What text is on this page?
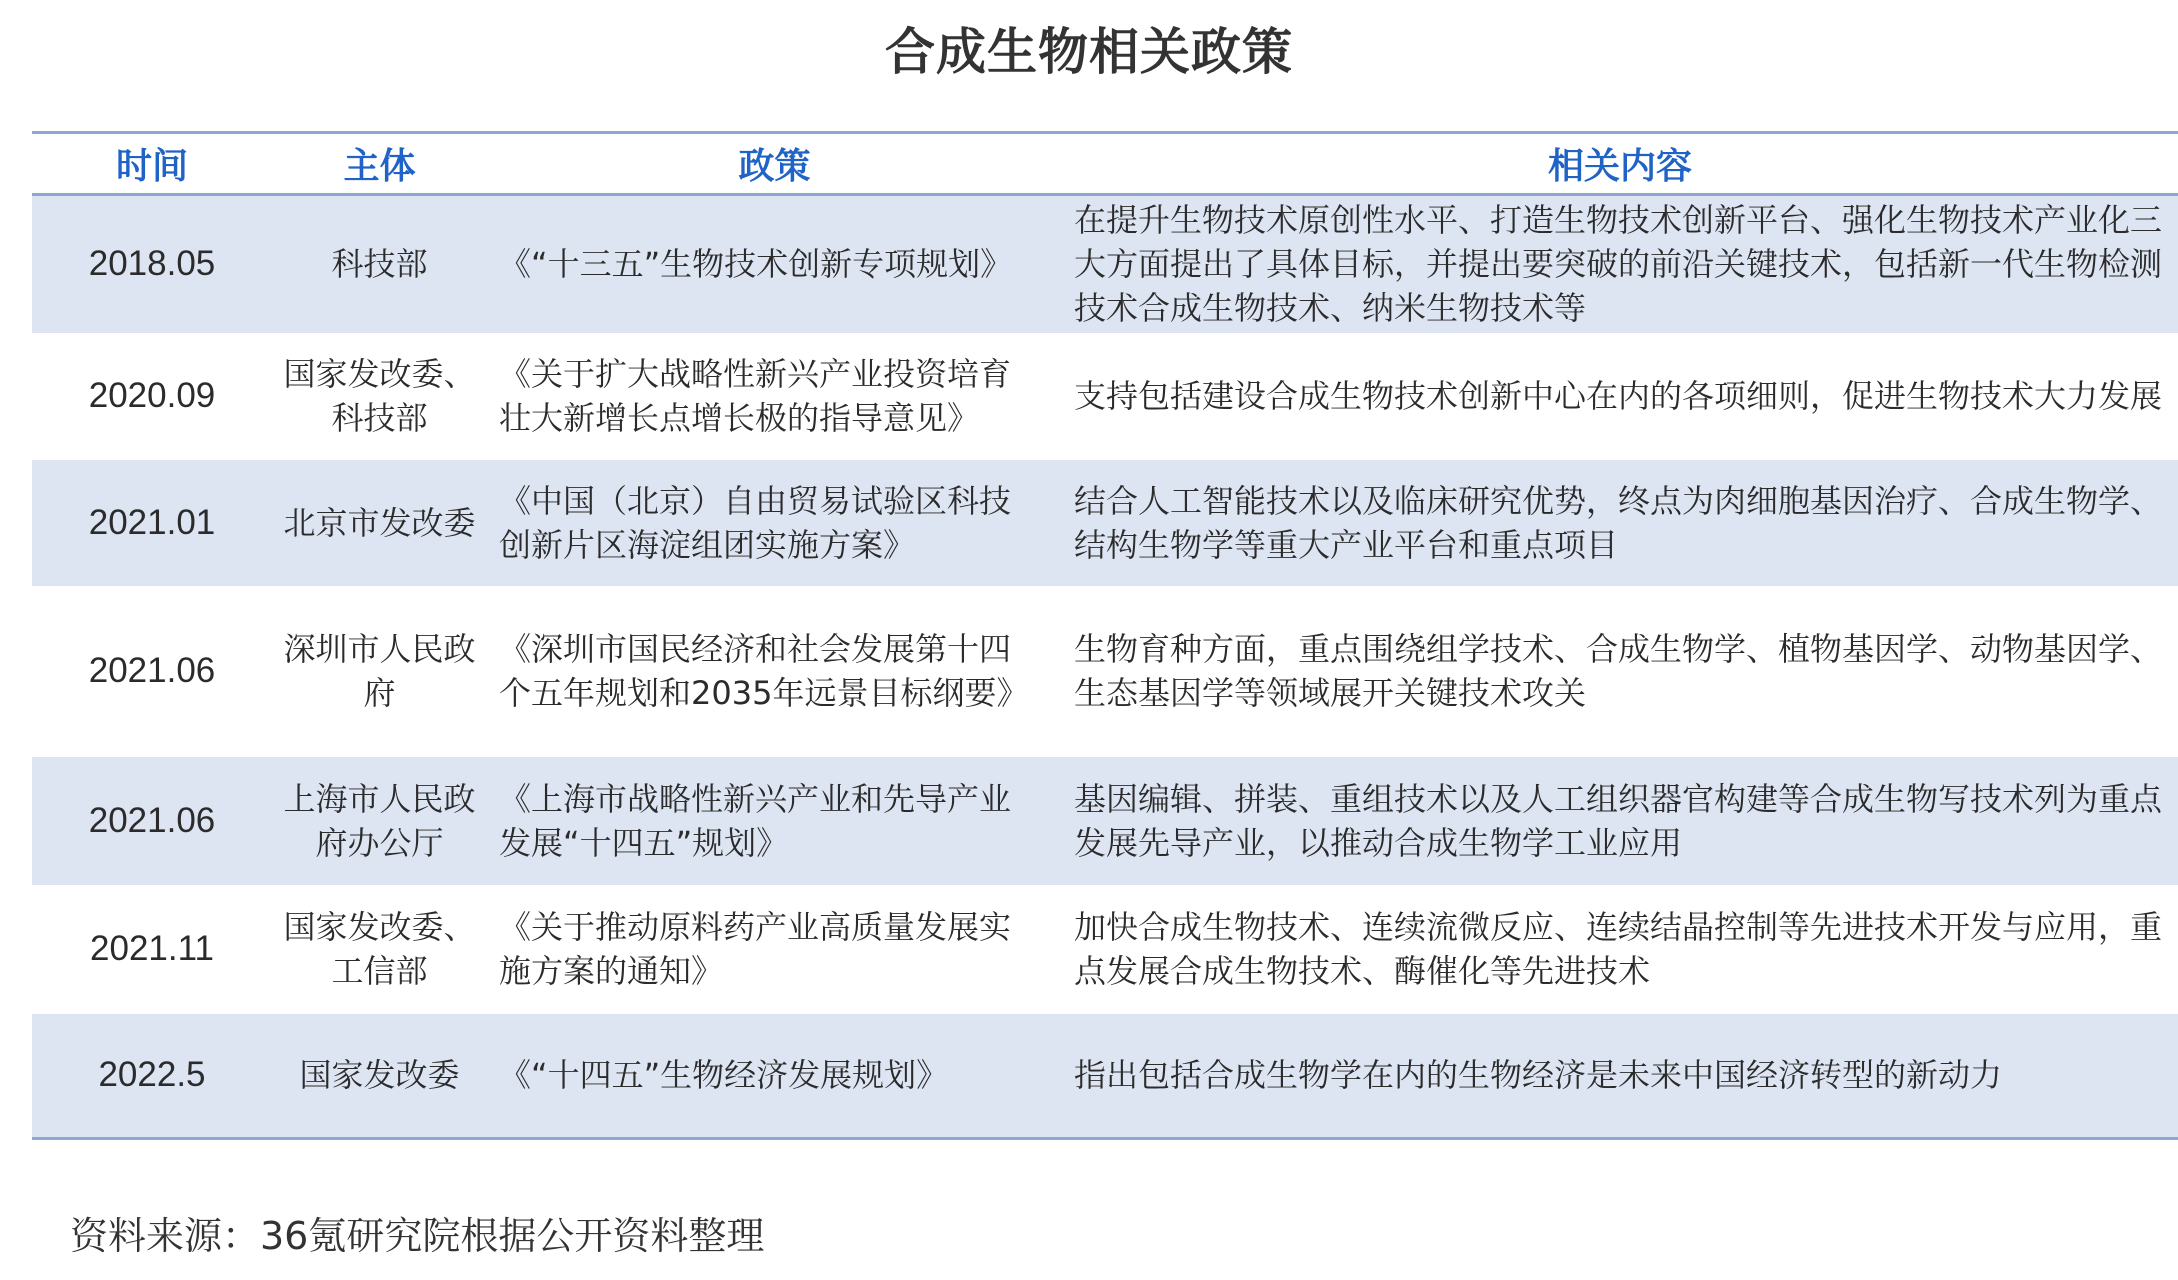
合成生物相关政策
时间	主体	政策	相关内容
2018.05	科技部	《“十三五”生物技术创新专项规划》	在提升生物技术原创性水平、打造生物技术创新平台、强化生物技术产业化三大方面提出了具体目标，并提出要突破的前沿关键技术，包括新一代生物检测技术合成生物技术、纳米生物技术等
2020.09	国家发改委、科技部	《关于扩大战略性新兴产业投资培育壮大新增长点增长极的指导意见》	支持包括建设合成生物技术创新中心在内的各项细则，促进生物技术大力发展
2021.01	北京市发改委	《中国（北京）自由贸易试验区科技创新片区海淀组团实施方案》	结合人工智能技术以及临床研究优势，终点为肉细胞基因治疗、合成生物学、结构生物学等重大产业平台和重点项目
2021.06	深圳市人民政府	《深圳市国民经济和社会发展第十四个五年规划和2035年远景目标纲要》	生物育种方面，重点围绕组学技术、合成生物学、植物基因学、动物基因学、生态基因学等领域展开关键技术攻关
2021.06	上海市人民政府办公厅	《上海市战略性新兴产业和先导产业发展“十四五”规划》	基因编辑、拼装、重组技术以及人工组织器官构建等合成生物写技术列为重点发展先导产业，以推动合成生物学工业应用
2021.11	国家发改委、工信部	《关于推动原料药产业高质量发展实施方案的通知》	加快合成生物技术、连续流微反应、连续结晶控制等先进技术开发与应用，重点发展合成生物技术、酶催化等先进技术
2022.5	国家发改委	《“十四五”生物经济发展规划》	指出包括合成生物学在内的生物经济是未来中国经济转型的新动力
资料来源：36氪研究院根据公开资料整理
